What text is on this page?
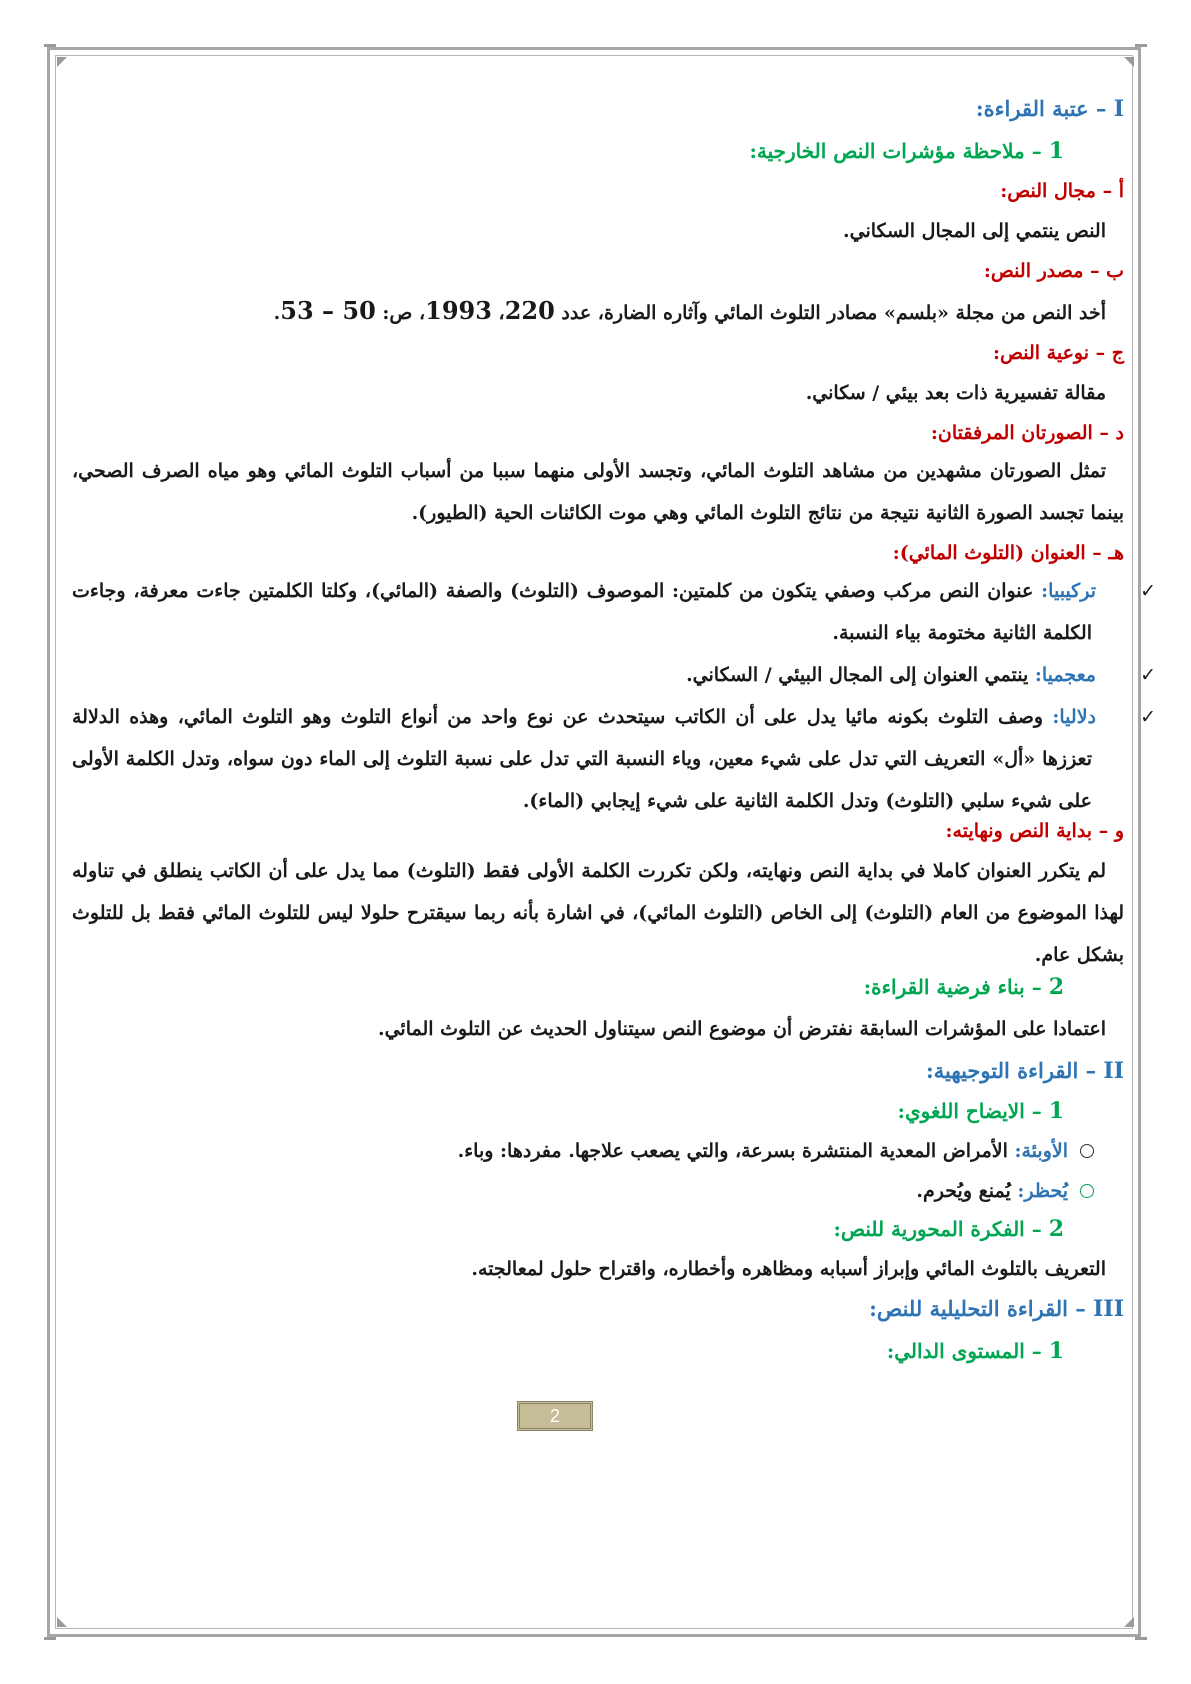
I – عتبة القراءة:
1 – ملاحظة مؤشرات النص الخارجية:
أ – مجال النص:
النص ينتمي إلى المجال السكاني.
ب – مصدر النص:
أخد النص من مجلة «بلسم» مصادر التلوث المائي وآثاره الضارة، عدد 220، 1993، ص: 50 – 53.
ج – نوعية النص:
مقالة تفسيرية ذات بعد بيئي / سكاني.
د – الصورتان المرفقتان:
تمثل الصورتان مشهدين من مشاهد التلوث المائي، وتجسد الأولى منهما سببا من أسباب التلوث المائي وهو مياه الصرف الصحي، بينما تجسد الصورة الثانية نتيجة من نتائج التلوث المائي وهي موت الكائنات الحية (الطيور).
هـ – العنوان (التلوث المائي):
✓تركيبيا: عنوان النص مركب وصفي يتكون من كلمتين: الموصوف (التلوث) والصفة (المائي)، وكلتا الكلمتين جاءت معرفة، وجاءت الكلمة الثانية مختومة بياء النسبة.
✓معجميا: ينتمي العنوان إلى المجال البيئي / السكاني.
✓دلاليا: وصف التلوث بكونه مائيا يدل على أن الكاتب سيتحدث عن نوع واحد من أنواع التلوث وهو التلوث المائي، وهذه الدلالة تعززها «أل» التعريف التي تدل على شيء معين، وياء النسبة التي تدل على نسبة التلوث إلى الماء دون سواه، وتدل الكلمة الأولى على شيء سلبي (التلوث) وتدل الكلمة الثانية على شيء إيجابي (الماء).
و – بداية النص ونهايته:
لم يتكرر العنوان كاملا في بداية النص ونهايته، ولكن تكررت الكلمة الأولى فقط (التلوث) مما يدل على أن الكاتب ينطلق في تناوله لهذا الموضوع من العام (التلوث) إلى الخاص (التلوث المائي)، في اشارة بأنه ربما سيقترح حلولا ليس للتلوث المائي فقط بل للتلوث بشكل عام.
2 – بناء فرضية القراءة:
اعتمادا على المؤشرات السابقة نفترض أن موضوع النص سيتناول الحديث عن التلوث المائي.
II – القراءة التوجيهية:
1 – الايضاح اللغوي:
الأوبئة: الأمراض المعدية المنتشرة بسرعة، والتي يصعب علاجها. مفردها: وباء.
يُحظر: يُمنع ويُحرم.
2 – الفكرة المحورية للنص:
التعريف بالتلوث المائي وإبراز أسبابه ومظاهره وأخطاره، واقتراح حلول لمعالجته.
III – القراءة التحليلية للنص:
1 – المستوى الدالي:
2
